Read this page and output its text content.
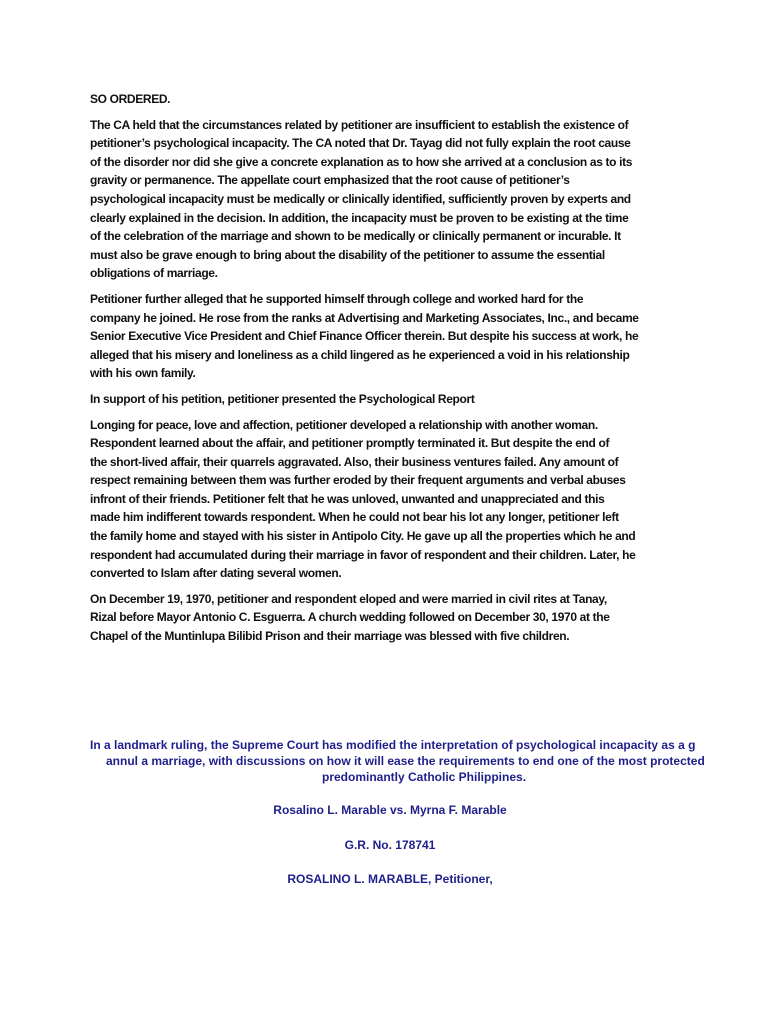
SO ORDERED.

The CA held that the circumstances related by petitioner are insufficient to establish the existence of
petitioner’s psychological incapacity. The CA noted that Dr. Tayag did not fully explain the root cause
of the disorder nor did she give a concrete explanation as to how she arrived at a conclusion as to its
gravity or permanence. The appellate court emphasized that the root cause of petitioner’s
psychological incapacity must be medically or clinically identified, sufficiently proven by experts and
clearly explained in the decision. In addition, the incapacity must be proven to be existing at the time
of the celebration of the marriage and shown to be medically or clinically permanent or incurable. It
must also be grave enough to bring about the disability of the petitioner to assume the essential
obligations of marriage.

Petitioner further alleged that he supported himself through college and worked hard for the
company he joined. He rose from the ranks at Advertising and Marketing Associates, Inc., and became
Senior Executive Vice President and Chief Finance Officer therein. But despite his success at work, he
alleged that his misery and loneliness as a child lingered as he experienced a void in his relationship
with his own family.

In support of his petition, petitioner presented the Psychological Report

Longing for peace, love and affection, petitioner developed a relationship with another woman.
Respondent learned about the affair, and petitioner promptly terminated it. But despite the end of
the short-lived affair, their quarrels aggravated. Also, their business ventures failed. Any amount of
respect remaining between them was further eroded by their frequent arguments and verbal abuses
infront of their friends. Petitioner felt that he was unloved, unwanted and unappreciated and this
made him indifferent towards respondent. When he could not bear his lot any longer, petitioner left
the family home and stayed with his sister in Antipolo City. He gave up all the properties which he and
respondent had accumulated during their marriage in favor of respondent and their children. Later, he
converted to Islam after dating several women.

On December 19, 1970, petitioner and respondent eloped and were married in civil rites at Tanay,
Rizal before Mayor Antonio C. Esguerra. A church wedding followed on December 30, 1970 at the
Chapel of the Muntinlupa Bilibid Prison and their marriage was blessed with five children.

In a landmark ruling, the Supreme Court has modified the interpretation of psychological incapacity as a g
annul a marriage, with discussions on how it will ease the requirements to end one of the most protected
predominantly Catholic Philippines.

Rosalino L. Marable vs. Myrna F. Marable

G.R. No. 178741

ROSALINO L. MARABLE, Petitioner,
